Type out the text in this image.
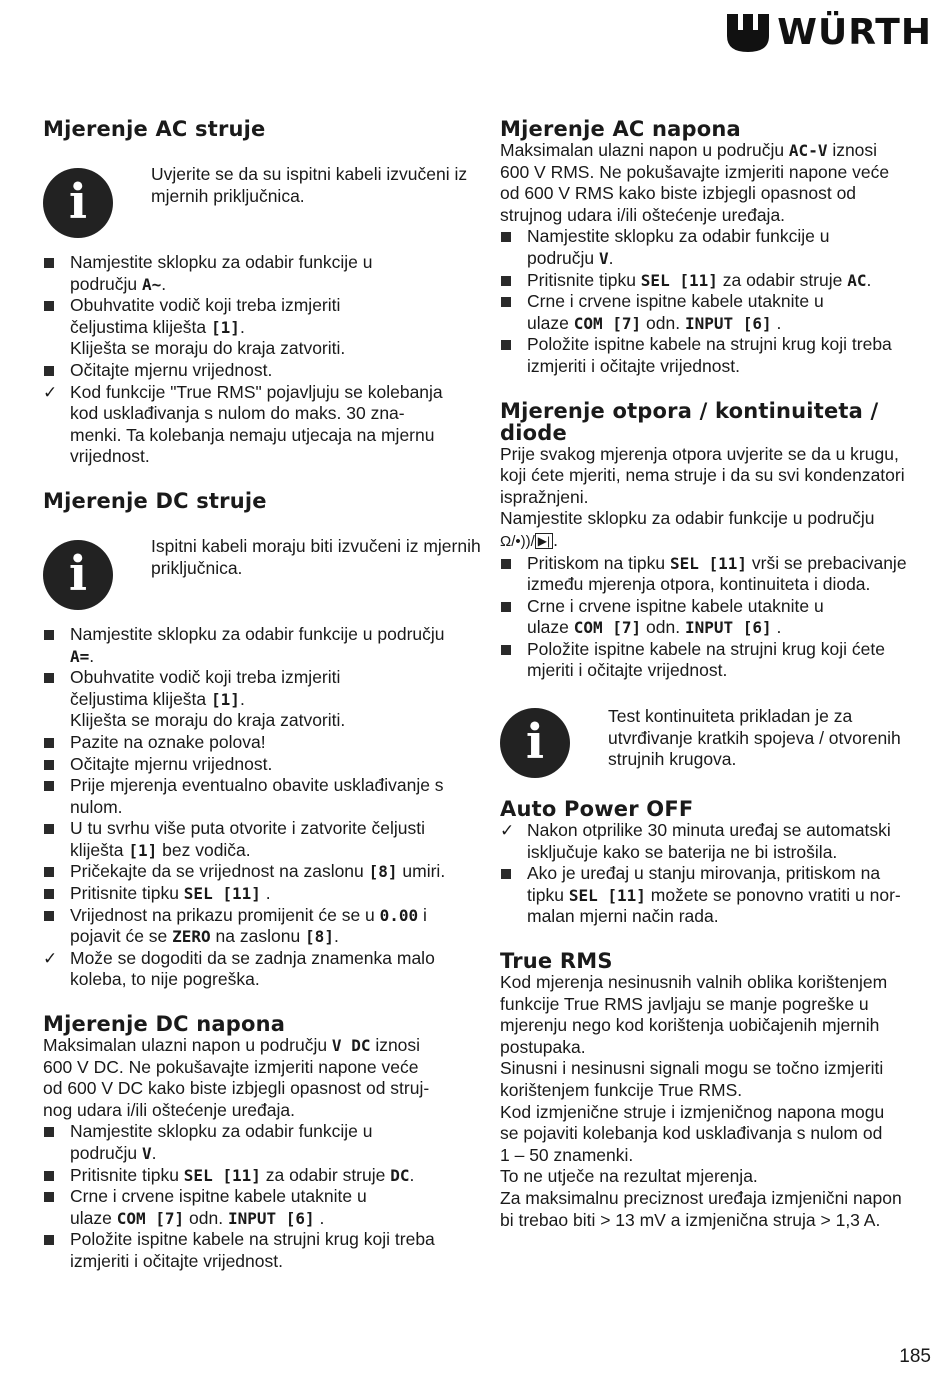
WÜRTH
Mjerenje AC struje
i	Uvjerite se da su ispitni kabeli izvučeni iz mjernih priključnica.

Namjestite sklopku za odabir funkcije u
području A~.
Obuhvatite vodič koji treba izmjeriti
čeljustima kliješta [1].
Kliješta se moraju do kraja zatvoriti.
Očitajte mjernu vrijednost.
✓ Kod funkcije "True RMS" pojavljuju se kolebanja
kod usklađivanja s nulom do maks. 30 zna-
menki. Ta kolebanja nemaju utjecaja na mjernu
vrijednost.
Mjerenje DC struje
i	Ispitni kabeli moraju biti izvučeni iz mjernih priključnica.

Namjestite sklopku za odabir funkcije u području
A=.
Obuhvatite vodič koji treba izmjeriti
čeljustima kliješta [1].
Kliješta se moraju do kraja zatvoriti.
Pazite na oznake polova!
Očitajte mjernu vrijednost.
Prije mjerenja eventualno obavite usklađivanje s
nulom.
U tu svrhu više puta otvorite i zatvorite čeljusti
kliješta [1] bez vodiča.
Pričekajte da se vrijednost na zaslonu [8] umiri.
Pritisnite tipku SEL [11] .
Vrijednost na prikazu promijenit će se u 0.00 i
pojavit će se ZERO na zaslonu [8].
✓ Može se dogoditi da se zadnja znamenka malo
koleba, to nije pogreška.
Mjerenje DC napona

Maksimalan ulazni napon u području V DC iznosi
600 V DC. Ne pokušavajte izmjeriti napone veće
od 600 V DC kako biste izbjegli opasnost od struj-
nog udara i/ili oštećenje uređaja.

Namjestite sklopku za odabir funkcije u
području V.
Pritisnite tipku SEL [11] za odabir struje DC.
Crne i crvene ispitne kabele utaknite u
ulaze COM [7] odn. INPUT [6] .
Položite ispitne kabele na strujni krug koji treba
izmjeriti i očitajte vrijednost.
Mjerenje AC napona

Maksimalan ulazni napon u području AC-V iznosi
600 V RMS. Ne pokušavajte izmjeriti napone veće
od 600 V RMS kako biste izbjegli opasnost od
strujnog udara i/ili oštećenje uređaja.

Namjestite sklopku za odabir funkcije u
području V.
Pritisnite tipku SEL [11] za odabir struje AC.
Crne i crvene ispitne kabele utaknite u
ulaze COM [7] odn. INPUT [6] .
Položite ispitne kabele na strujni krug koji treba
izmjeriti i očitajte vrijednost.
Mjerenje otpora / kontinuiteta / diode

Prije svakog mjerenja otpora uvjerite se da u krugu,
koji ćete mjeriti, nema struje i da su svi kondenzatori
ispražnjeni.
Namjestite sklopku za odabir funkcije u području
Ω/•))/ ▶| .

Pritiskom na tipku SEL [11] vrši se prebacivanje
između mjerenja otpora, kontinuiteta i dioda.
Crne i crvene ispitne kabele utaknite u
ulaze COM [7] odn. INPUT [6] .
Položite ispitne kabele na strujni krug koji ćete
mjeriti i očitajte vrijednost.
i	Test kontinuiteta prikladan je za utvrđivanje kratkih spojeva / otvorenih strujnih krugova.

Auto Power OFF
✓ Nakon otprilike 30 minuta uređaj se automatski
isključuje kako se baterija ne bi istrošila.
Ako je uređaj u stanju mirovanja, pritiskom na
tipku SEL [11] možete se ponovno vratiti u nor-
malan mjerni način rada.
True RMS

Kod mjerenja nesinusnih valnih oblika korištenjem
funkcije True RMS javljaju se manje pogreške u
mjerenju nego kod korištenja uobičajenih mjernih
postupaka.
Sinusni i nesinusni signali mogu se točno izmjeriti
korištenjem funkcije True RMS.
Kod izmjenične struje i izmjeničnog napona mogu
se pojaviti kolebanja kod usklađivanja s nulom od
1 – 50 znamenki.
To ne utječe na rezultat mjerenja.
Za maksimalnu preciznost uređaja izmjenični napon
bi trebao biti > 13 mV a izmjenična struja > 1,3 A.

185
